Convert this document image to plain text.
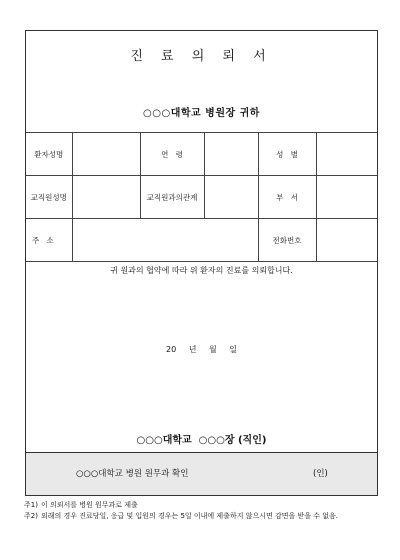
진 료 의 뢰 서
○○○대학교 병원장 귀하
환자성명		연   령		성   별	
교직원성명		교직원과의관계		부   서	
주   소				전화번호	
귀 원과의 협약에 따라 위 환자의 진료를 의뢰합니다.
20 년 월 일
○○○대학교  ○○○장 (직인)
○○○대학교 병원 원무과 확인	(인)
주1) 이 의뢰서를 병원 원무과로 제출
주2) 외래의 경우 진료당일, 응급 및 입원의 경우는 5일 이내에 제출하지 않으시면 감면을 받을 수 없음.
